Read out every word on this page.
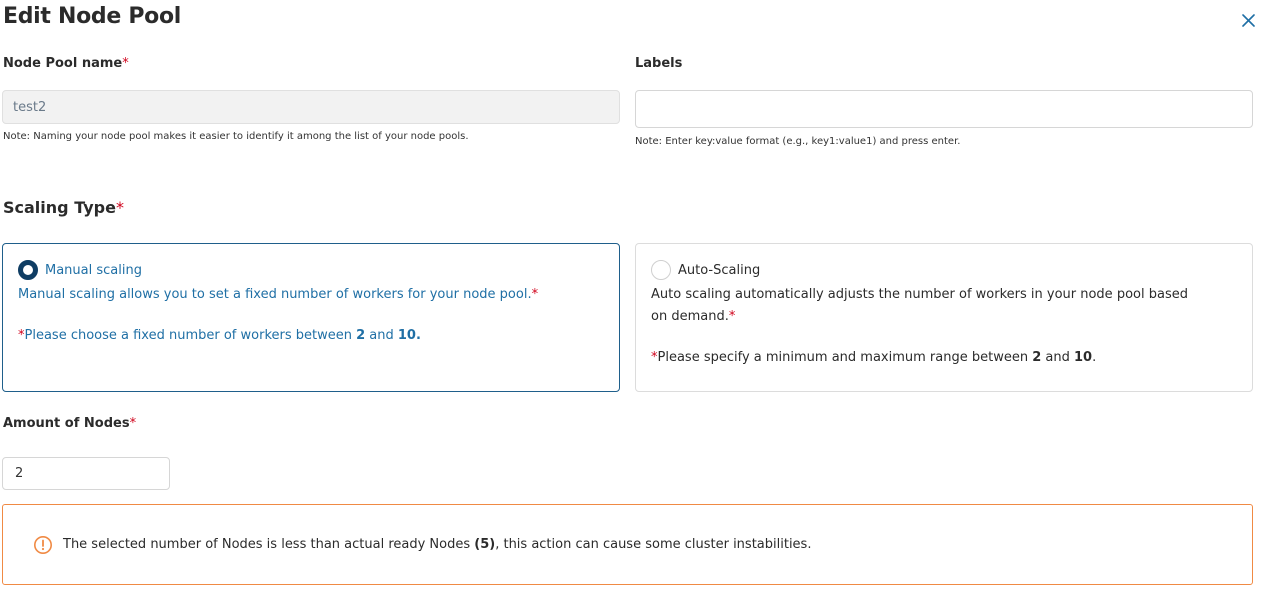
Edit Node Pool
Node Pool name*
test2
Note: Naming your node pool makes it easier to identify it among the list of your node pools.
Labels
Note: Enter key:value format (e.g., key1:value1) and press enter.
Scaling Type*
Manual scaling
Manual scaling allows you to set a fixed number of workers for your node pool.*
*Please choose a fixed number of workers between 2 and 10.
Auto-Scaling
Auto scaling automatically adjusts the number of workers in your node pool based on demand.*
*Please specify a minimum and maximum range between 2 and 10.
Amount of Nodes*
2
The selected number of Nodes is less than actual ready Nodes (5), this action can cause some cluster instabilities.
